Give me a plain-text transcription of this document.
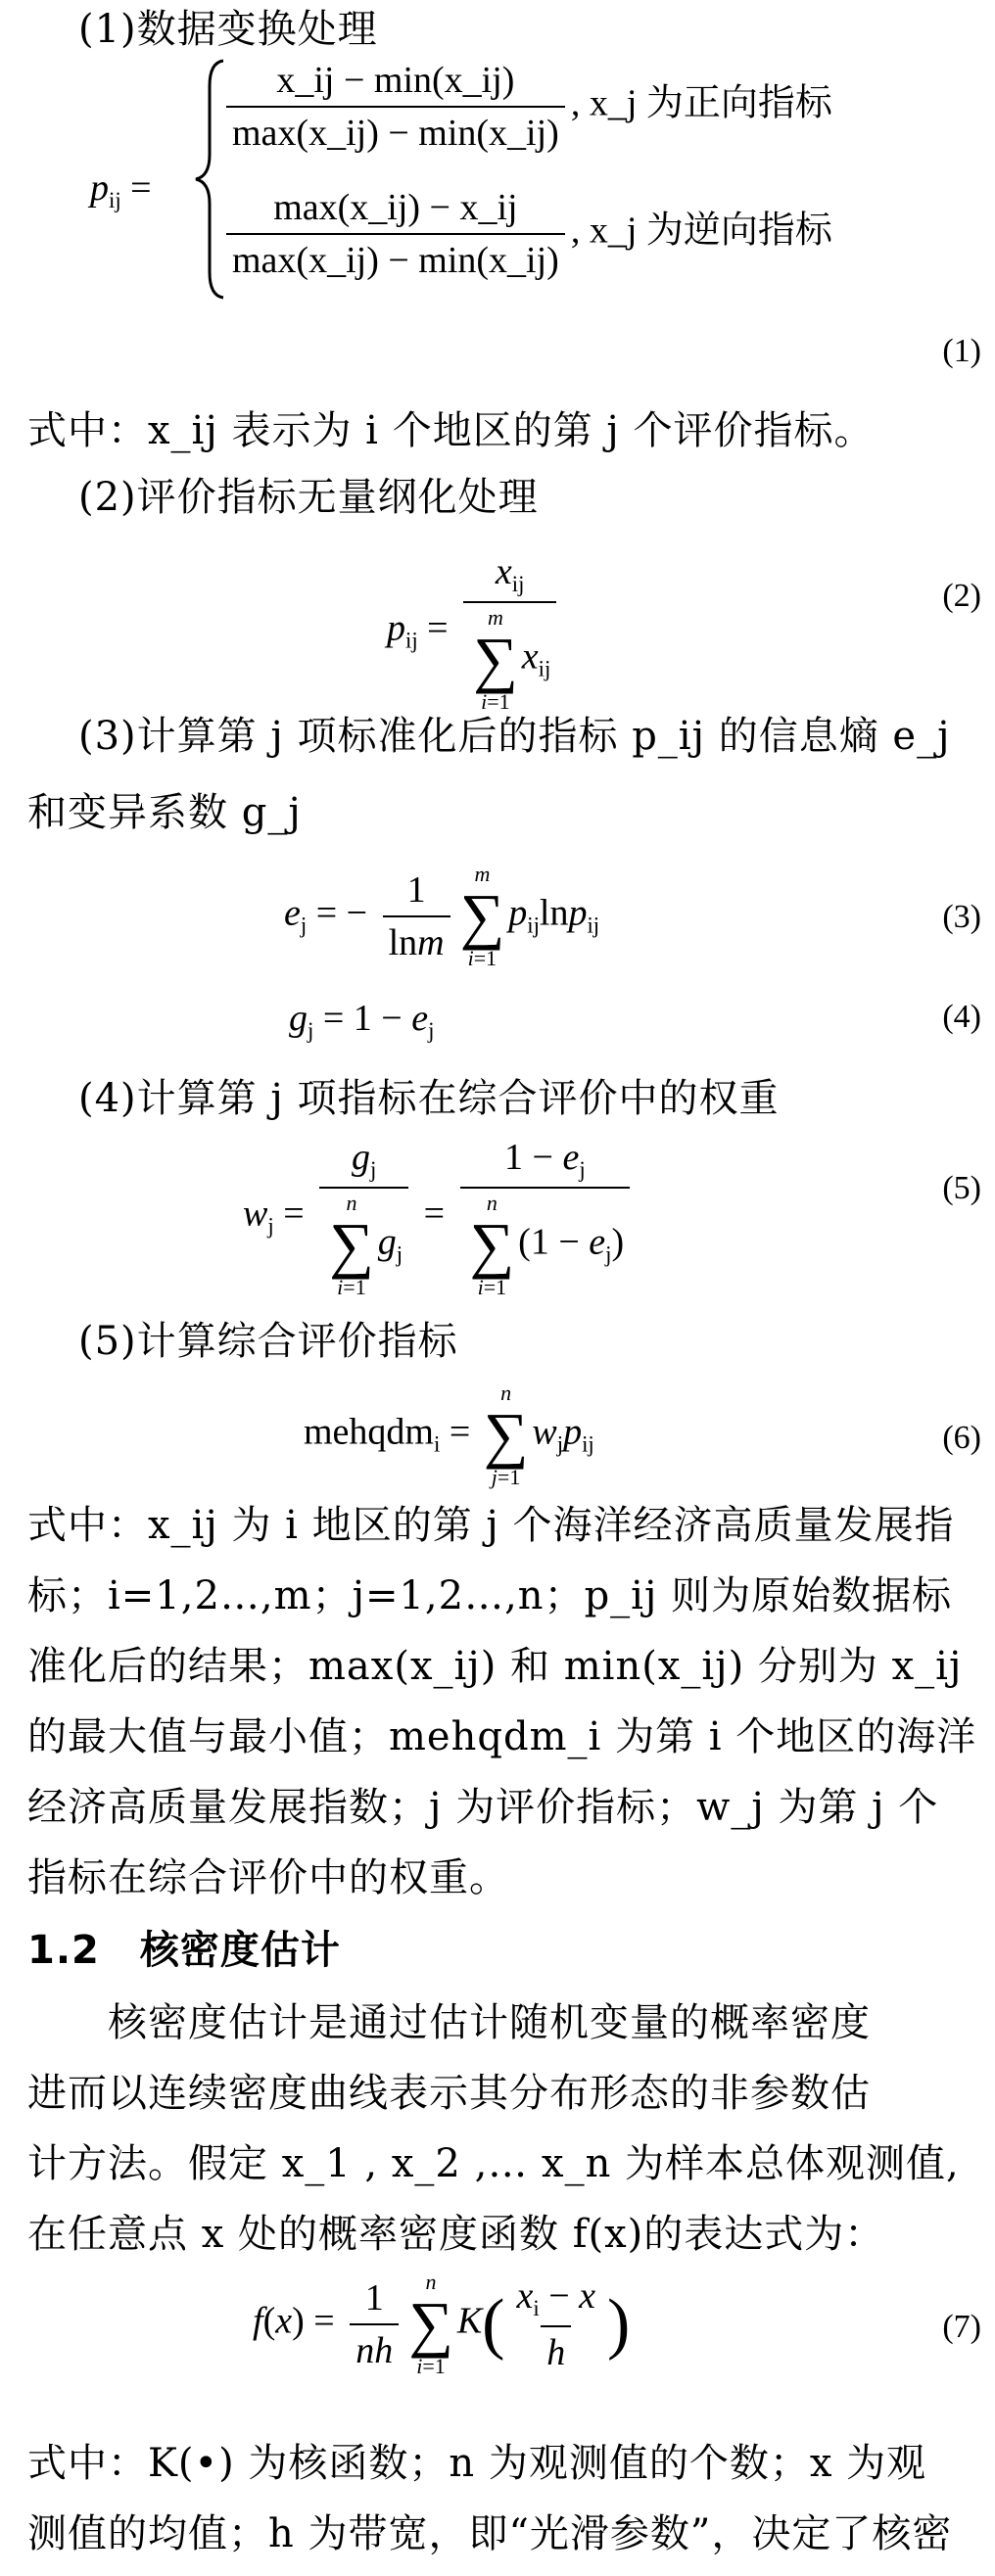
(1)数据变换处理
$p_{ij}$ =
$\frac{x\_ij - \min(x\_ij)}{\max(x\_ij) - \min(x\_ij)}$ , x_j 为正向指标
$\frac{\max(x\_ij) - x\_ij}{\max(x\_ij) - \min(x\_ij)}$ , x_j 为逆向指标
(1)
式中：x_ij 表示为 i 个地区的第 j 个评价指标。
(2)评价指标无量纲化处理
$p_{ij} = x_{ij}$
m
∑
i=1
$x_{ij}$	(2)
(3)计算第 j 项标准化后的指标 p_ij 的信息熵 e_j
和变异系数 g_j
$e_j$ = − $\frac{1}{\ln m}$ m
∑
i=1
$p_{ij}\ln p_{ij}$	(3)
$g_j = 1 - e_j$	(4)
(4)计算第 j 项指标在综合评价中的权重
$w_j = g_j$
n
∑
i=1
$g_j = 1 - e_j$
n
∑
i=1
$(1 - e_j)$	(5)
(5)计算综合评价指标
mehqdm$_i$ =
n
∑
j=1
$w_jp_{ij}$	(6)
式中：x_ij 为 i 地区的第 j 个海洋经济高质量发展指
标；i=1,2…,m；j=1,2…,n；p_ij 则为原始数据标
准化后的结果；max(x_ij) 和 min(x_ij) 分别为 x_ij
的最大值与最小值；mehqdm_i 为第 i 个地区的海洋
经济高质量发展指数；j 为评价指标；w_j 为第 j 个
指标在综合评价中的权重。
1.2　核密度估计
核密度估计是通过估计随机变量的概率密度
进而以连续密度曲线表示其分布形态的非参数估
计方法。假定 x_1 , x_2 ,… x_n 为样本总体观测值,
在任意点 x 处的概率密度函数 f(x)的表达式为：
$f(x) = \frac{1}{nh}$ n
∑
i=1
$K( \frac{x_i - x}{h}$ )	(7)
式中：K(•) 为核函数；n 为观测值的个数；x 为观
测值的均值；h 为带宽，即“光滑参数”，决定了核密
